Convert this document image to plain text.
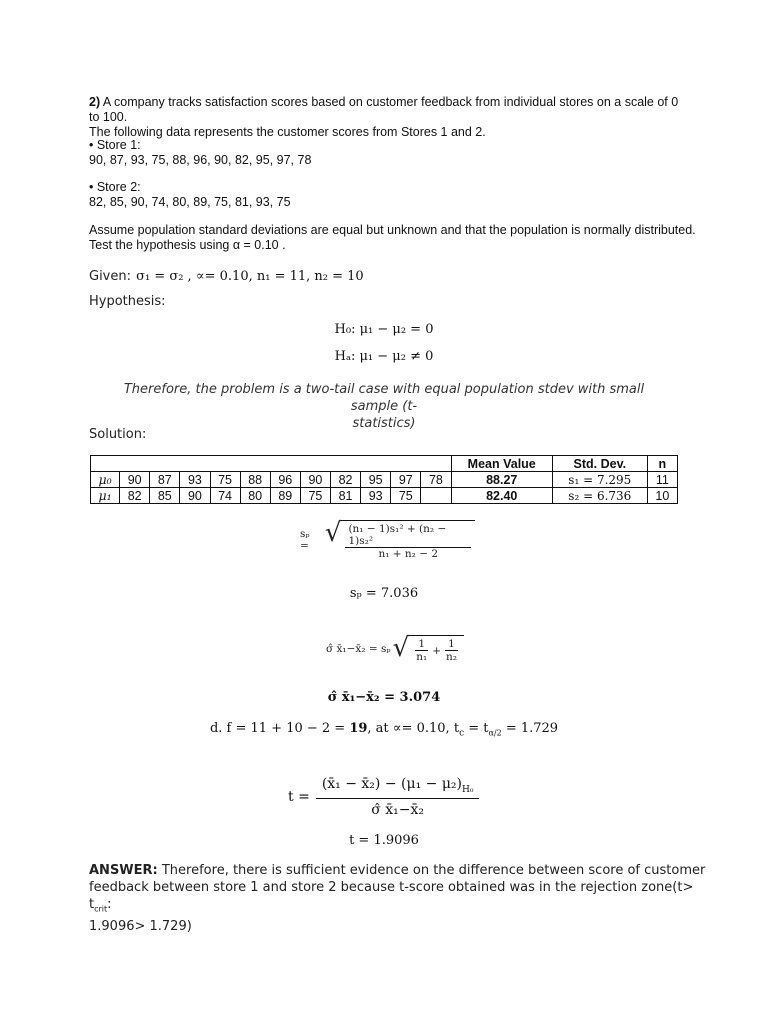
2) A company tracks satisfaction scores based on customer feedback from individual stores on a scale of 0 to 100.
The following data represents the customer scores from Stores 1 and 2.
• Store 1:
90, 87, 93, 75, 88, 96, 90, 82, 95, 97, 78
• Store 2:
82, 85, 90, 74, 80, 89, 75, 81, 93, 75
Assume population standard deviations are equal but unknown and that the population is normally distributed.
Test the hypothesis using α = 0.10 .
Given: σ₁ = σ₂ , ∝= 0.10, n₁ = 11, n₂ = 10
Hypothesis:
H₀: μ₁ − μ₂ = 0
Hₐ: μ₁ − μ₂ ≠ 0
Therefore, the problem is a two-tail case with equal population stdev with small sample (t-
statistics)
Solution:
												Mean Value	Std. Dev.	n
μ₀	90	87	93	75	88	96	90	82	95	97	78	88.27	s₁ = 7.295	11
μ₁	82	85	90	74	80	89	75	81	93	75		82.40	s₂ = 6.736	10
sₚ = √ $\frac{\text{(n₁ − 1)s₁² + (n₂ − 1)s₂²}}{\text{n₁ + n₂ − 2}}$
sₚ = 7.036
σ̂ x̄₁−x̄₂ = sₚ √ $\frac{1}{\text{n₁}} + \frac{1}{\text{n₂}}$
σ̂ x̄₁−x̄₂ = 3.074
d. f = 11 + 10 − 2 = 19, at ∝= 0.10, $t_c = t_{\alpha/2} = 1.729$
$t = \frac{(x̄_1 - x̄_2) - (\mu_1 - \mu_2)_{H_0}}{\text{σ̂ x̄₁−x̄₂}}$
t = 1.9096
ANSWER: Therefore, there is sufficient evidence on the difference between score of customer
feedback between store 1 and store 2 because t-score obtained was in the rejection zone(t> $t_{crit}$:
1.9096> 1.729)
